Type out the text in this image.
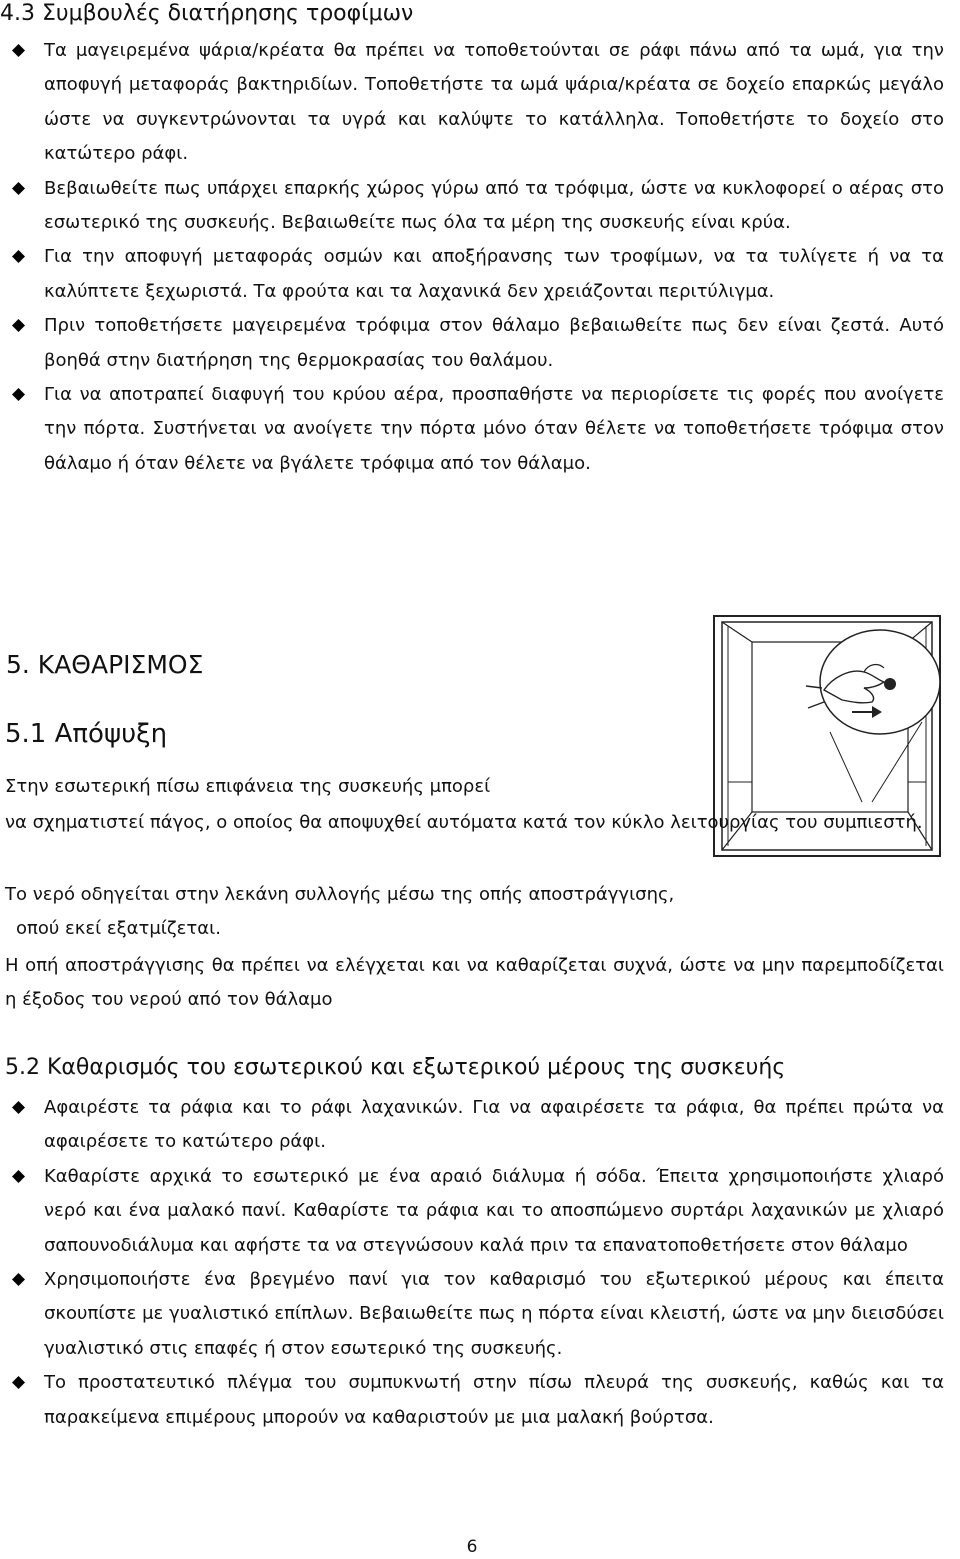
4.3 Συμβουλές διατήρησης τροφίμων
Τα μαγειρεμένα ψάρια/κρέατα θα πρέπει να τοποθετούνται σε ράφι πάνω από τα ωμά, για την αποφυγή μεταφοράς βακτηριδίων. Τοποθετήστε τα ωμά ψάρια/κρέατα σε δοχείο επαρκώς μεγάλο ώστε να συγκεντρώνονται τα υγρά και καλύψτε το κατάλληλα. Τοποθετήστε το δοχείο στο κατώτερο ράφι.
Βεβαιωθείτε πως υπάρχει επαρκής χώρος γύρω από τα τρόφιμα, ώστε να κυκλοφορεί ο αέρας στο εσωτερικό της συσκευής. Βεβαιωθείτε πως όλα τα μέρη της συσκευής είναι κρύα.
Για την αποφυγή μεταφοράς οσμών και αποξήρανσης των τροφίμων, να τα τυλίγετε ή να τα καλύπτετε ξεχωριστά. Τα φρούτα και τα λαχανικά δεν χρειάζονται περιτύλιγμα.
Πριν τοποθετήσετε μαγειρεμένα τρόφιμα στον θάλαμο βεβαιωθείτε πως δεν είναι ζεστά. Αυτό βοηθά στην διατήρηση της θερμοκρασίας του θαλάμου.
Για να αποτραπεί διαφυγή του κρύου αέρα, προσπαθήστε να περιορίσετε τις φορές που ανοίγετε την πόρτα. Συστήνεται να ανοίγετε την πόρτα μόνο όταν θέλετε να τοποθετήσετε τρόφιμα στον θάλαμο ή όταν θέλετε να βγάλετε τρόφιμα από τον θάλαμο.
5. ΚΑΘΑΡΙΣΜΟΣ
5.1 Απόψυξη

Στην εσωτερική πίσω επιφάνεια της συσκευής μπορεί

να σχηματιστεί πάγος, ο οποίος θα αποψυχθεί αυτόματα κατά τον κύκλο λειτουργίας του συμπιεστή.

Το νερό οδηγείται στην λεκάνη συλλογής μέσω της οπής αποστράγγισης,

οπού εκεί εξατμίζεται.

Η οπή αποστράγγισης θα πρέπει να ελέγχεται και να καθαρίζεται συχνά, ώστε να μην παρεμποδίζεται η έξοδος του νερού από τον θάλαμο

5.2 Καθαρισμός του εσωτερικού και εξωτερικού μέρους της συσκευής
Αφαιρέστε τα ράφια και το ράφι λαχανικών. Για να αφαιρέσετε τα ράφια, θα πρέπει πρώτα να αφαιρέσετε το κατώτερο ράφι.
Καθαρίστε αρχικά το εσωτερικό με ένα αραιό διάλυμα ή σόδα. Έπειτα χρησιμοποιήστε χλιαρό νερό και ένα μαλακό πανί. Καθαρίστε τα ράφια και το αποσπώμενο συρτάρι λαχανικών με χλιαρό σαπουνοδιάλυμα και αφήστε τα να στεγνώσουν καλά πριν τα επανατοποθετήσετε στον θάλαμο
Χρησιμοποιήστε ένα βρεγμένο πανί για τον καθαρισμό του εξωτερικού μέρους και έπειτα σκουπίστε με γυαλιστικό επίπλων. Βεβαιωθείτε πως η πόρτα είναι κλειστή, ώστε να μην διεισδύσει γυαλιστικό στις επαφές ή στον εσωτερικό της συσκευής.
Το προστατευτικό πλέγμα του συμπυκνωτή στην πίσω πλευρά της συσκευής, καθώς και τα παρακείμενα επιμέρους μπορούν να καθαριστούν με μια μαλακή βούρτσα.

6
